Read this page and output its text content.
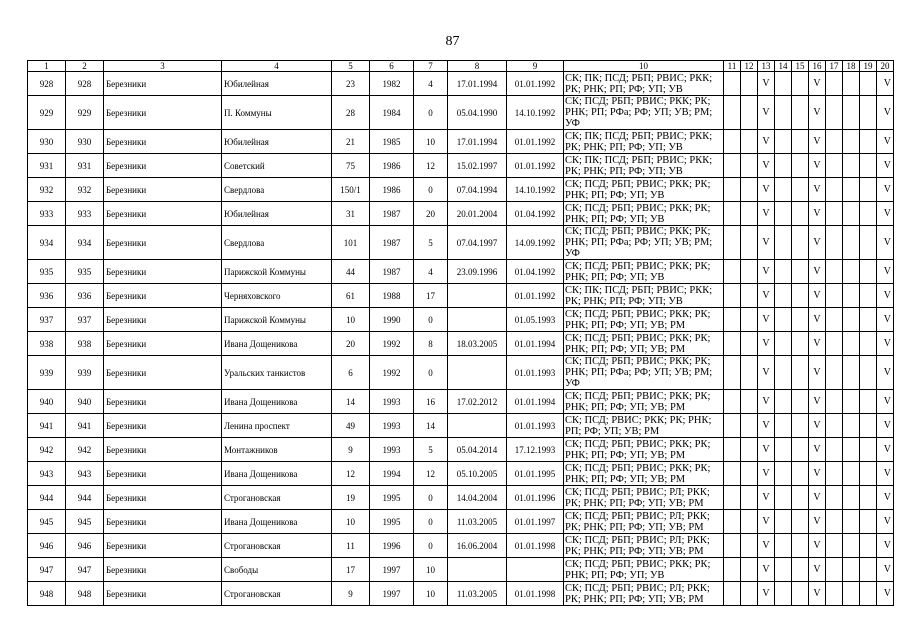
87
1	2	3	4	5	6	7	8	9	10	11	12	13	14	15	16	17	18	19	20
928	928	Березники	Юбилейная	23	1982	4	17.01.1994	01.01.1992	СК; ПК; ПСД; РБП; РВИС; РКК; РК; РНК; РП; РФ; УП; УВ			V			V				V
929	929	Березники	П. Коммуны	28	1984	0	05.04.1990	14.10.1992	СК; ПСД; РБП; РВИС; РКК; РК; РНК; РП; РФа; РФ; УП; УВ; РМ; УФ			V			V				V
930	930	Березники	Юбилейная	21	1985	10	17.01.1994	01.01.1992	СК; ПК; ПСД; РБП; РВИС; РКК; РК; РНК; РП; РФ; УП; УВ			V			V				V
931	931	Березники	Советский	75	1986	12	15.02.1997	01.01.1992	СК; ПК; ПСД; РБП; РВИС; РКК; РК; РНК; РП; РФ; УП; УВ			V			V				V
932	932	Березники	Свердлова	150/1	1986	0	07.04.1994	14.10.1992	СК; ПСД; РБП; РВИС; РКК; РК; РНК; РП; РФ; УП; УВ			V			V				V
933	933	Березники	Юбилейная	31	1987	20	20.01.2004	01.04.1992	СК; ПСД; РБП; РВИС; РКК; РК; РНК; РП; РФ; УП; УВ			V			V				V
934	934	Березники	Свердлова	101	1987	5	07.04.1997	14.09.1992	СК; ПСД; РБП; РВИС; РКК; РК; РНК; РП; РФа; РФ; УП; УВ; РМ; УФ			V			V				V
935	935	Березники	Парижской Коммуны	44	1987	4	23.09.1996	01.04.1992	СК; ПСД; РБП; РВИС; РКК; РК; РНК; РП; РФ; УП; УВ			V			V				V
936	936	Березники	Черняховского	61	1988	17		01.01.1992	СК; ПК; ПСД; РБП; РВИС; РКК; РК; РНК; РП; РФ; УП; УВ			V			V				V
937	937	Березники	Парижской Коммуны	10	1990	0		01.05.1993	СК; ПСД; РБП; РВИС; РКК; РК; РНК; РП; РФ; УП; УВ; РМ			V			V				V
938	938	Березники	Ивана Дощеникова	20	1992	8	18.03.2005	01.01.1994	СК; ПСД; РБП; РВИС; РКК; РК; РНК; РП; РФ; УП; УВ; РМ			V			V				V
939	939	Березники	Уральских танкистов	6	1992	0		01.01.1993	СК; ПСД; РБП; РВИС; РКК; РК; РНК; РП; РФа; РФ; УП; УВ; РМ; УФ			V			V				V
940	940	Березники	Ивана Дощеникова	14	1993	16	17.02.2012	01.01.1994	СК; ПСД; РБП; РВИС; РКК; РК; РНК; РП; РФ; УП; УВ; РМ			V			V				V
941	941	Березники	Ленина проспект	49	1993	14		01.01.1993	СК; ПСД; РВИС; РКК; РК; РНК; РП; РФ; УП; УВ; РМ			V			V				V
942	942	Березники	Монтажников	9	1993	5	05.04.2014	17.12.1993	СК; ПСД; РБП; РВИС; РКК; РК; РНК; РП; РФ; УП; УВ; РМ			V			V				V
943	943	Березники	Ивана Дощеникова	12	1994	12	05.10.2005	01.01.1995	СК; ПСД; РБП; РВИС; РКК; РК; РНК; РП; РФ; УП; УВ; РМ			V			V				V
944	944	Березники	Строгановская	19	1995	0	14.04.2004	01.01.1996	СК; ПСД; РБП; РВИС; РЛ; РКК; РК; РНК; РП; РФ; УП; УВ; РМ			V			V				V
945	945	Березники	Ивана Дощеникова	10	1995	0	11.03.2005	01.01.1997	СК; ПСД; РБП; РВИС; РЛ; РКК; РК; РНК; РП; РФ; УП; УВ; РМ			V			V				V
946	946	Березники	Строгановская	11	1996	0	16.06.2004	01.01.1998	СК; ПСД; РБП; РВИС; РЛ; РКК; РК; РНК; РП; РФ; УП; УВ; РМ			V			V				V
947	947	Березники	Свободы	17	1997	10			СК; ПСД; РБП; РВИС; РКК; РК; РНК; РП; РФ; УП; УВ			V			V				V
948	948	Березники	Строгановская	9	1997	10	11.03.2005	01.01.1998	СК; ПСД; РБП; РВИС; РЛ; РКК; РК; РНК; РП; РФ; УП; УВ; РМ			V			V				V
